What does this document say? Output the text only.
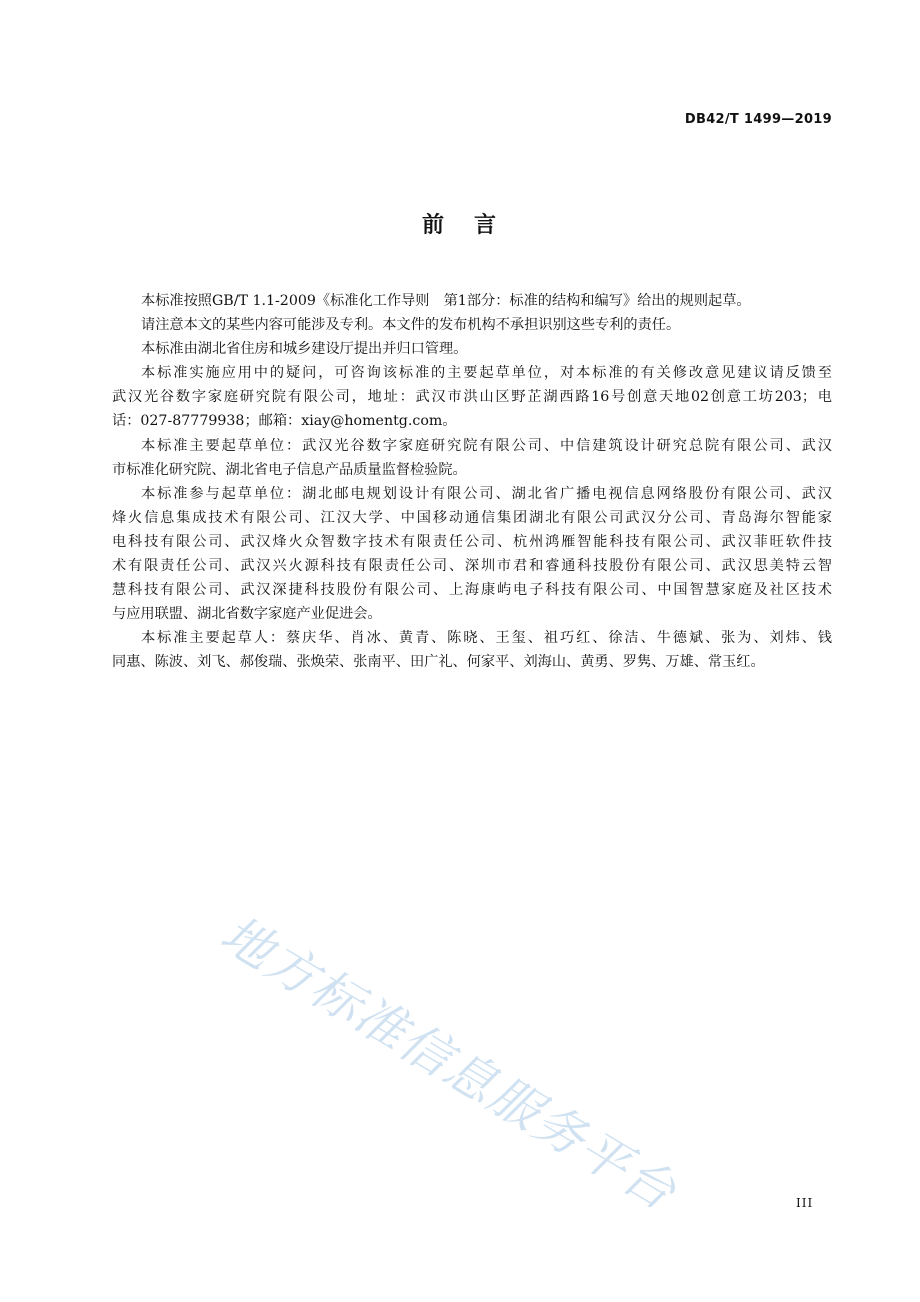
DB42/T 1499—2019
前 言
本标准按照GB/T 1.1-2009《标准化工作导则　第1部分：标准的结构和编写》给出的规则起草。
请注意本文的某些内容可能涉及专利。本文件的发布机构不承担识别这些专利的责任。
本标准由湖北省住房和城乡建设厅提出并归口管理。
本标准实施应用中的疑问，可咨询该标准的主要起草单位，对本标准的有关修改意见建议请反馈至
武汉光谷数字家庭研究院有限公司，地址：武汉市洪山区野芷湖西路16号创意天地02创意工坊203；电
话：027-87779938；邮箱：xiay@homentg.com。
本标准主要起草单位：武汉光谷数字家庭研究院有限公司、中信建筑设计研究总院有限公司、武汉
市标准化研究院、湖北省电子信息产品质量监督检验院。
本标准参与起草单位：湖北邮电规划设计有限公司、湖北省广播电视信息网络股份有限公司、武汉
烽火信息集成技术有限公司、江汉大学、中国移动通信集团湖北有限公司武汉分公司、青岛海尔智能家
电科技有限公司、武汉烽火众智数字技术有限责任公司、杭州鸿雁智能科技有限公司、武汉菲旺软件技
术有限责任公司、武汉兴火源科技有限责任公司、深圳市君和睿通科技股份有限公司、武汉思美特云智
慧科技有限公司、武汉深捷科技股份有限公司、上海康屿电子科技有限公司、中国智慧家庭及社区技术
与应用联盟、湖北省数字家庭产业促进会。
本标准主要起草人：蔡庆华、肖冰、黄青、陈晓、王玺、祖巧红、徐洁、牛德斌、张为、刘炜、钱
同惠、陈波、刘飞、郝俊瑞、张焕荣、张南平、田广礼、何家平、刘海山、黄勇、罗隽、万雄、常玉红。
地方标准信息服务平台	III
